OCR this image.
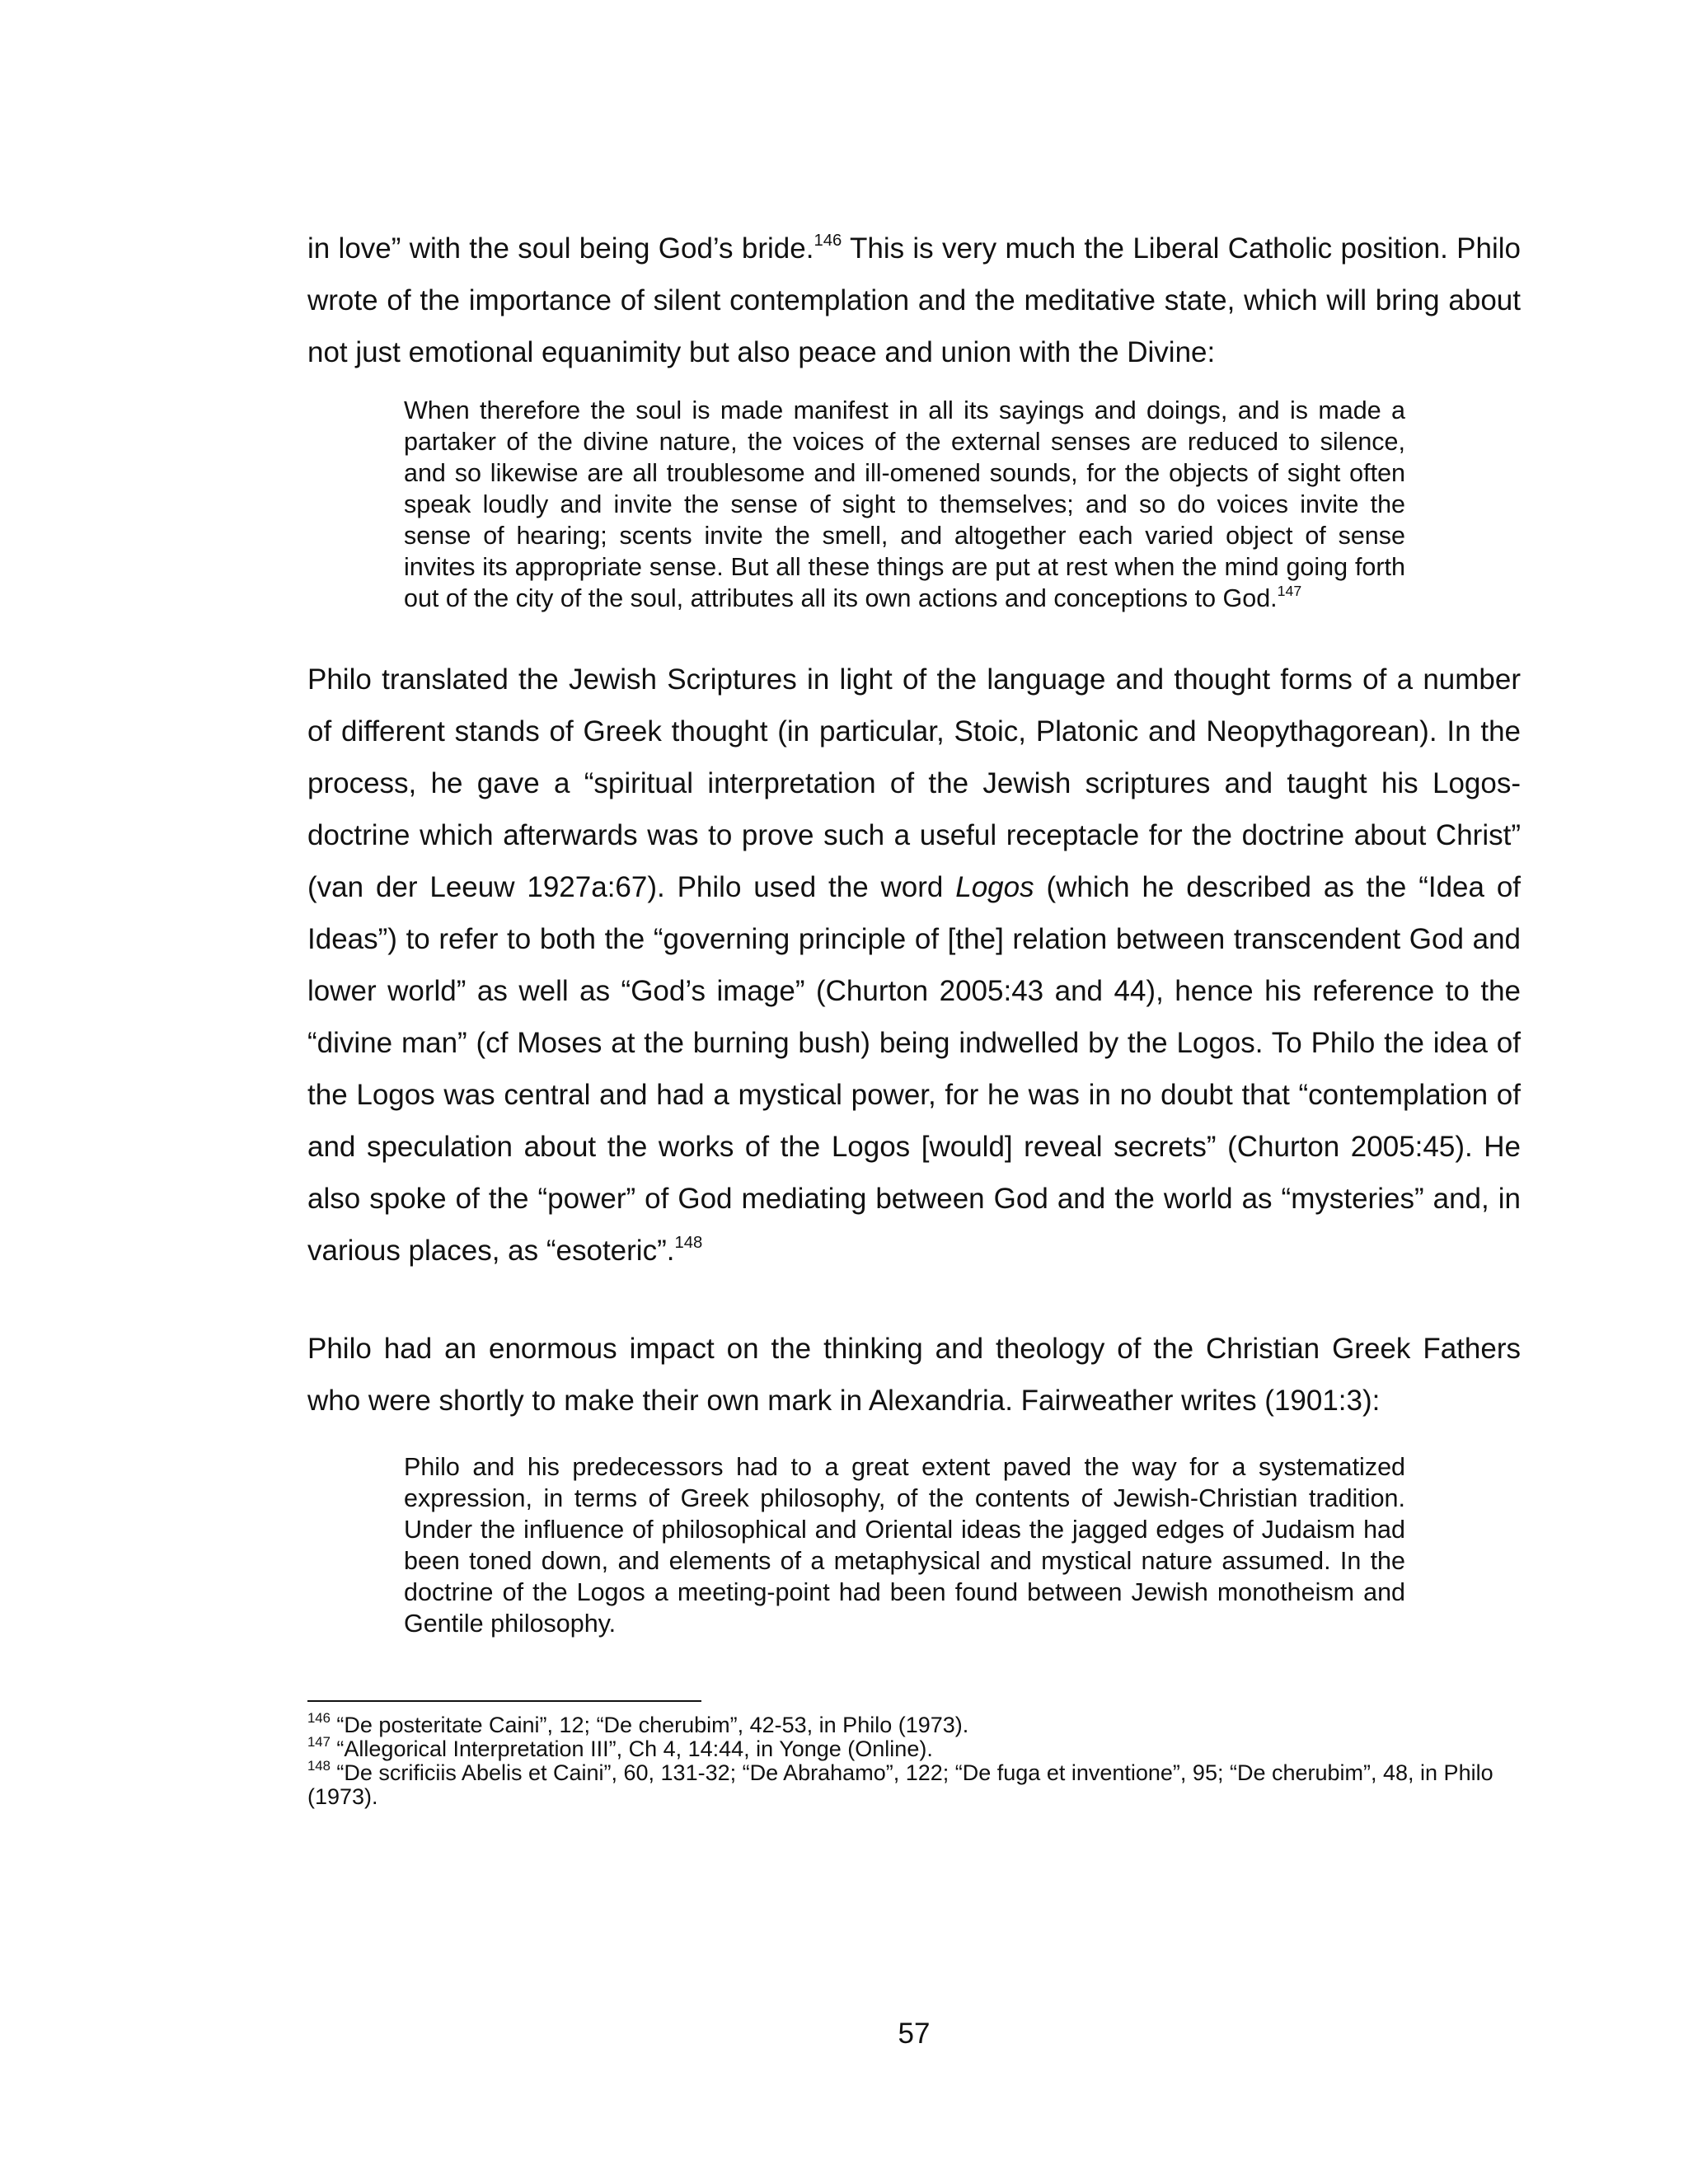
in love” with the soul being God’s bride.$^{146}$ This is very much the Liberal Catholic position. Philo wrote of the importance of silent contemplation and the meditative state, which will bring about not just emotional equanimity but also peace and union with the Divine:

When therefore the soul is made manifest in all its sayings and doings, and is made a partaker of the divine nature, the voices of the external senses are reduced to silence, and so likewise are all troublesome and ill-omened sounds, for the objects of sight often speak loudly and invite the sense of sight to themselves; and so do voices invite the sense of hearing; scents invite the smell, and altogether each varied object of sense invites its appropriate sense. But all these things are put at rest when the mind going forth out of the city of the soul, attributes all its own actions and conceptions to God.$^{147}$

Philo translated the Jewish Scriptures in light of the language and thought forms of a number of different stands of Greek thought (in particular, Stoic, Platonic and Neopythagorean). In the process, he gave a “spiritual interpretation of the Jewish scriptures and taught his Logos-doctrine which afterwards was to prove such a useful receptacle for the doctrine about Christ” (van der Leeuw 1927a:67). Philo used the word Logos (which he described as the “Idea of Ideas”) to refer to both the “governing principle of [the] relation between transcendent God and lower world” as well as “God’s image” (Churton 2005:43 and 44), hence his reference to the “divine man” (cf Moses at the burning bush) being indwelled by the Logos. To Philo the idea of the Logos was central and had a mystical power, for he was in no doubt that “contemplation of and speculation about the works of the Logos [would] reveal secrets” (Churton 2005:45). He also spoke of the “power” of God mediating between God and the world as “mysteries” and, in various places, as “esoteric”.$^{148}$

Philo had an enormous impact on the thinking and theology of the Christian Greek Fathers who were shortly to make their own mark in Alexandria. Fairweather writes (1901:3):

Philo and his predecessors had to a great extent paved the way for a systematized expression, in terms of Greek philosophy, of the contents of Jewish-Christian tradition. Under the influence of philosophical and Oriental ideas the jagged edges of Judaism had been toned down, and elements of a metaphysical and mystical nature assumed. In the doctrine of the Logos a meeting-point had been found between Jewish monotheism and Gentile philosophy.

$^{146}$ “De posteritate Caini”, 12; “De cherubim”, 42-53, in Philo (1973).

$^{147}$ “Allegorical Interpretation III”, Ch 4, 14:44, in Yonge (Online).

$^{148}$ “De scrificiis Abelis et Caini”, 60, 131-32; “De Abrahamo”, 122; “De fuga et inventione”, 95; “De cherubim”, 48, in Philo (1973).

57
